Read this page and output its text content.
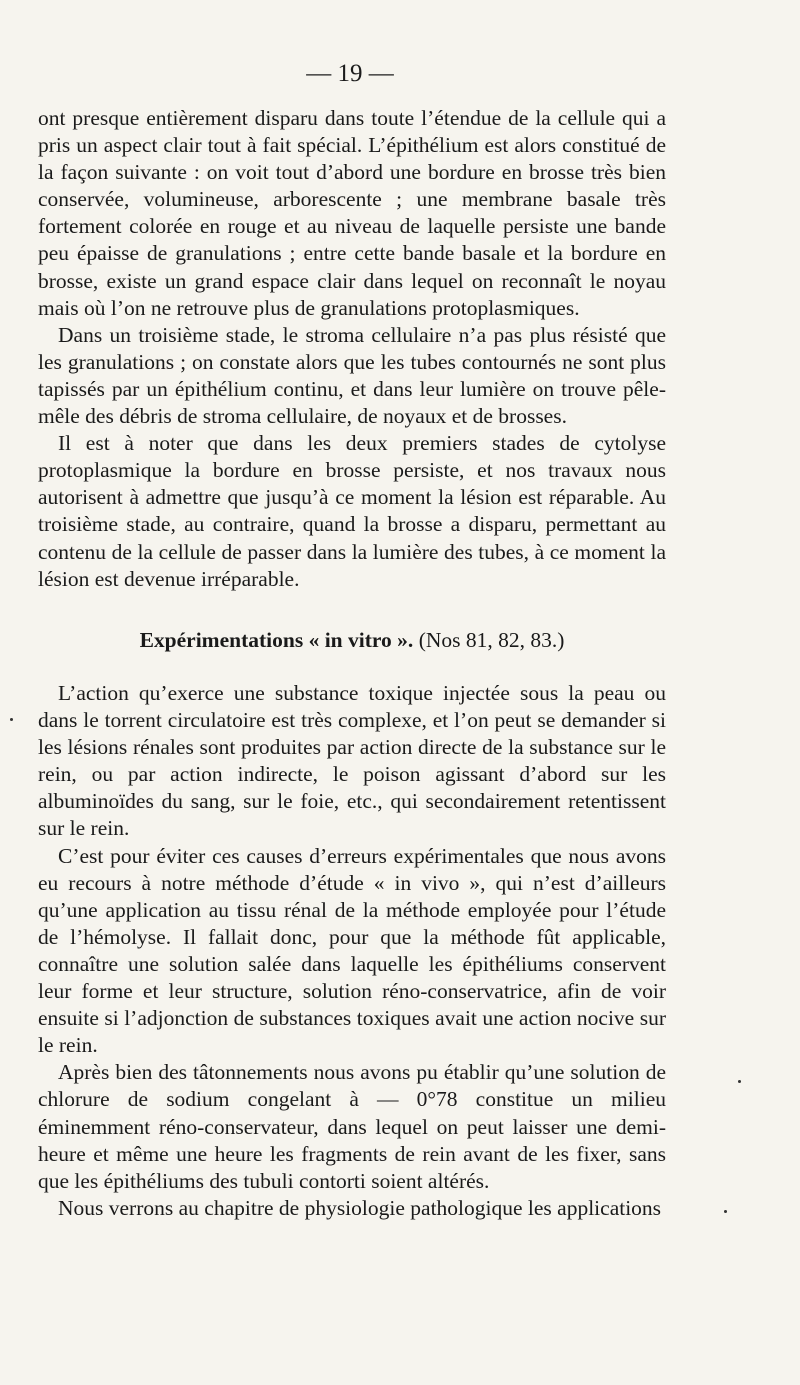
— 19 —

ont presque entièrement disparu dans toute l’étendue de la cellule qui a pris un aspect clair tout à fait spécial. L’épithélium est alors constitué de la façon suivante : on voit tout d’abord une bordure en brosse très bien conservée, volumineuse, arborescente ; une membrane basale très fortement colorée en rouge et au niveau de laquelle persiste une bande peu épaisse de granulations ; entre cette bande basale et la bordure en brosse, existe un grand espace clair dans lequel on reconnaît le noyau mais où l’on ne retrouve plus de granulations protoplasmiques.

Dans un troisième stade, le stroma cellulaire n’a pas plus résisté que les granulations ; on constate alors que les tubes contournés ne sont plus tapissés par un épithélium continu, et dans leur lumière on trouve pêle-mêle des débris de stroma cellulaire, de noyaux et de brosses.

Il est à noter que dans les deux premiers stades de cytolyse protoplasmique la bordure en brosse persiste, et nos travaux nous autorisent à admettre que jusqu’à ce moment la lésion est réparable. Au troisième stade, au contraire, quand la brosse a disparu, permettant au contenu de la cellule de passer dans la lumière des tubes, à ce moment la lésion est devenue irréparable.

Expérimentations « in vitro ». (Nos 81, 82, 83.)

L’action qu’exerce une substance toxique injectée sous la peau ou dans le torrent circulatoire est très complexe, et l’on peut se demander si les lésions rénales sont produites par action directe de la substance sur le rein, ou par action indirecte, le poison agissant d’abord sur les albuminoïdes du sang, sur le foie, etc., qui secondairement retentissent sur le rein.

C’est pour éviter ces causes d’erreurs expérimentales que nous avons eu recours à notre méthode d’étude « in vivo », qui n’est d’ailleurs qu’une application au tissu rénal de la méthode employée pour l’étude de l’hémolyse. Il fallait donc, pour que la méthode fût applicable, connaître une solution salée dans laquelle les épithéliums conservent leur forme et leur structure, solution réno-conservatrice, afin de voir ensuite si l’adjonction de substances toxiques avait une action nocive sur le rein.

Après bien des tâtonnements nous avons pu établir qu’une solution de chlorure de sodium congelant à — 0°78 constitue un milieu éminemment réno-conservateur, dans lequel on peut laisser une demi-heure et même une heure les fragments de rein avant de les fixer, sans que les épithéliums des tubuli contorti soient altérés.

Nous verrons au chapitre de physiologie pathologique les applications
